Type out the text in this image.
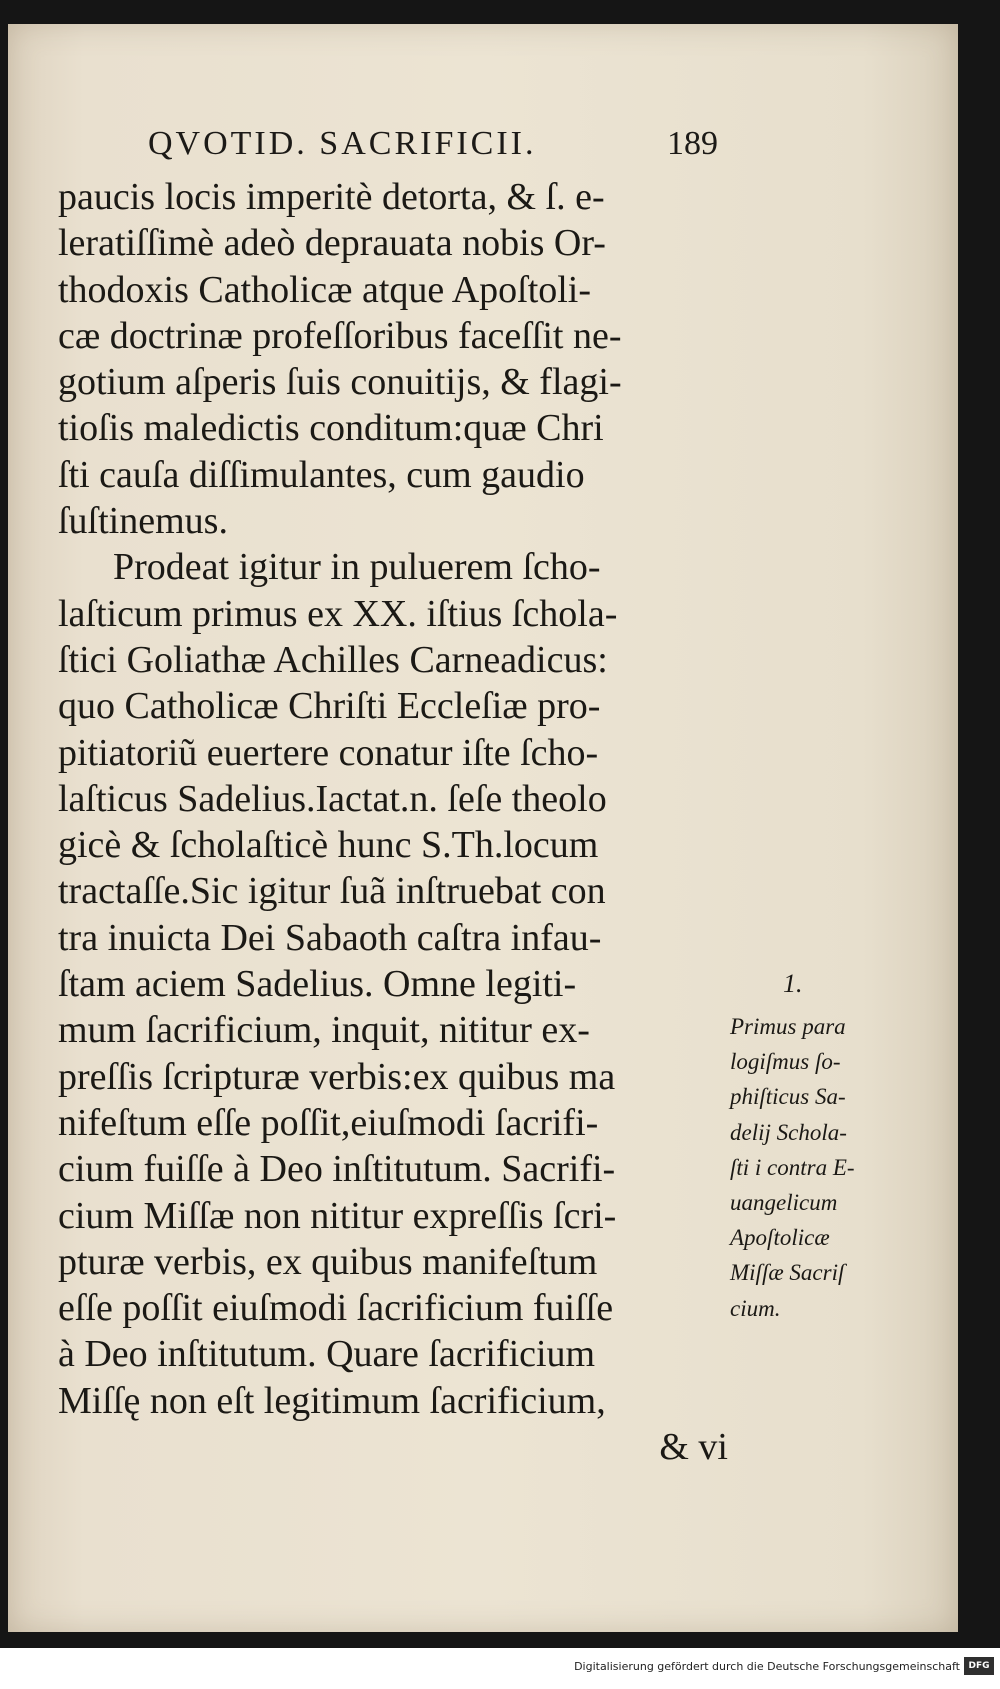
QVOTID. SACRIFICII.	189
paucis locis imperitè detorta, & ſ. e-
leratiſſimè adeò deprauata nobis Or-
thodoxis Catholicæ atque Apoſtoli-
cæ doctrinæ profeſſoribus faceſſit ne-
gotium aſperis ſuis conuitijs, & flagi-
tioſis maledictis conditum:quæ Chri
ſti cauſa diſſimulantes, cum gaudio
ſuſtinemus.
Prodeat igitur in puluerem ſcho-
laſticum primus ex XX. iſtius ſchola-
ſtici Goliathæ Achilles Carneadicus:
quo Catholicæ Chriſti Eccleſiæ pro-
pitiatoriũ euertere conatur iſte ſcho-
laſticus Sadelius.Iactat.n. ſeſe theolo
gicè & ſcholaſticè hunc S.Th.locum
tractaſſe.Sic igitur ſuã inſtruebat con
tra inuicta Dei Sabaoth caſtra infau-
ſtam aciem Sadelius. Omne legiti-
mum ſacrificium, inquit, nititur ex-
preſſis ſcripturæ verbis:ex quibus ma
nifeſtum eſſe poſſit,eiuſmodi ſacrifi-
cium fuiſſe à Deo inſtitutum. Sacrifi-
cium Miſſæ non nititur expreſſis ſcri-
pturæ verbis, ex quibus manifeſtum
eſſe poſſit eiuſmodi ſacrificium fuiſſe
à Deo inſtitutum. Quare ſacrificium
Miſſę non eſt legitimum ſacrificium,
& vi
1.
Primus para
logiſmus ſo-
phiſticus Sa-
delij Schola-
ſti i contra E-
uangelicum
Apoſtolicæ
Miſſæ Sacriſ
cium.
Digitalisierung gefördert durch die Deutsche Forschungsgemeinschaft DFG
